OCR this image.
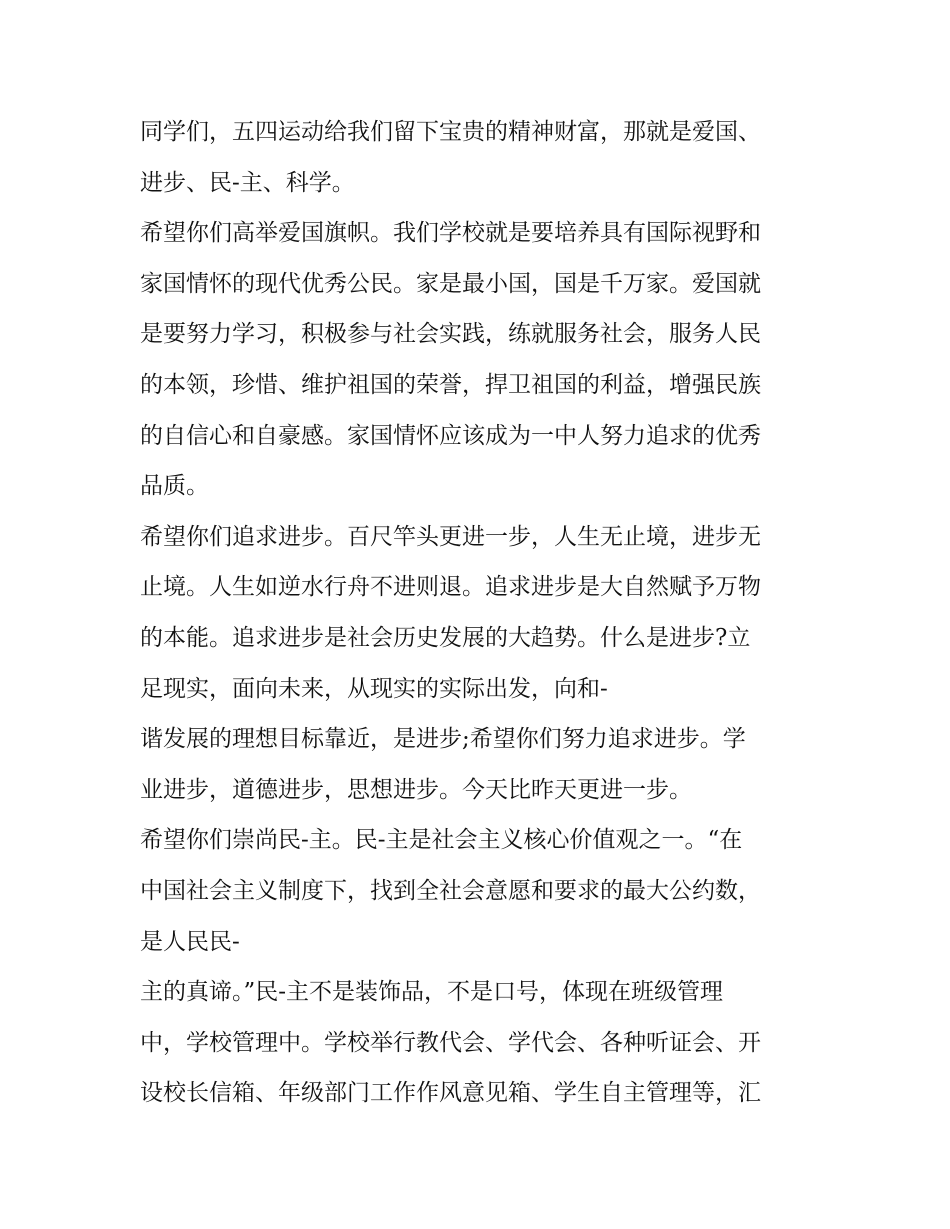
同学们，五四运动给我们留下宝贵的精神财富，那就是爱国、
进步、民-主、科学。
希望你们高举爱国旗帜。我们学校就是要培养具有国际视野和
家国情怀的现代优秀公民。家是最小国，国是千万家。爱国就
是要努力学习，积极参与社会实践，练就服务社会，服务人民
的本领，珍惜、维护祖国的荣誉，捍卫祖国的利益，增强民族
的自信心和自豪感。家国情怀应该成为一中人努力追求的优秀
品质。
希望你们追求进步。百尺竿头更进一步，人生无止境，进步无
止境。人生如逆水行舟不进则退。追求进步是大自然赋予万物
的本能。追求进步是社会历史发展的大趋势。什么是进步?立
足现实，面向未来，从现实的实际出发，向和-
谐发展的理想目标靠近，是进步;希望你们努力追求进步。学
业进步，道德进步，思想进步。今天比昨天更进一步。
希望你们崇尚民-主。民-主是社会主义核心价值观之一。“在
中国社会主义制度下，找到全社会意愿和要求的最大公约数，
是人民民-
主的真谛。”民-主不是装饰品，不是口号，体现在班级管理
中，学校管理中。学校举行教代会、学代会、各种听证会、开
设校长信箱、年级部门工作作风意见箱、学生自主管理等，汇
